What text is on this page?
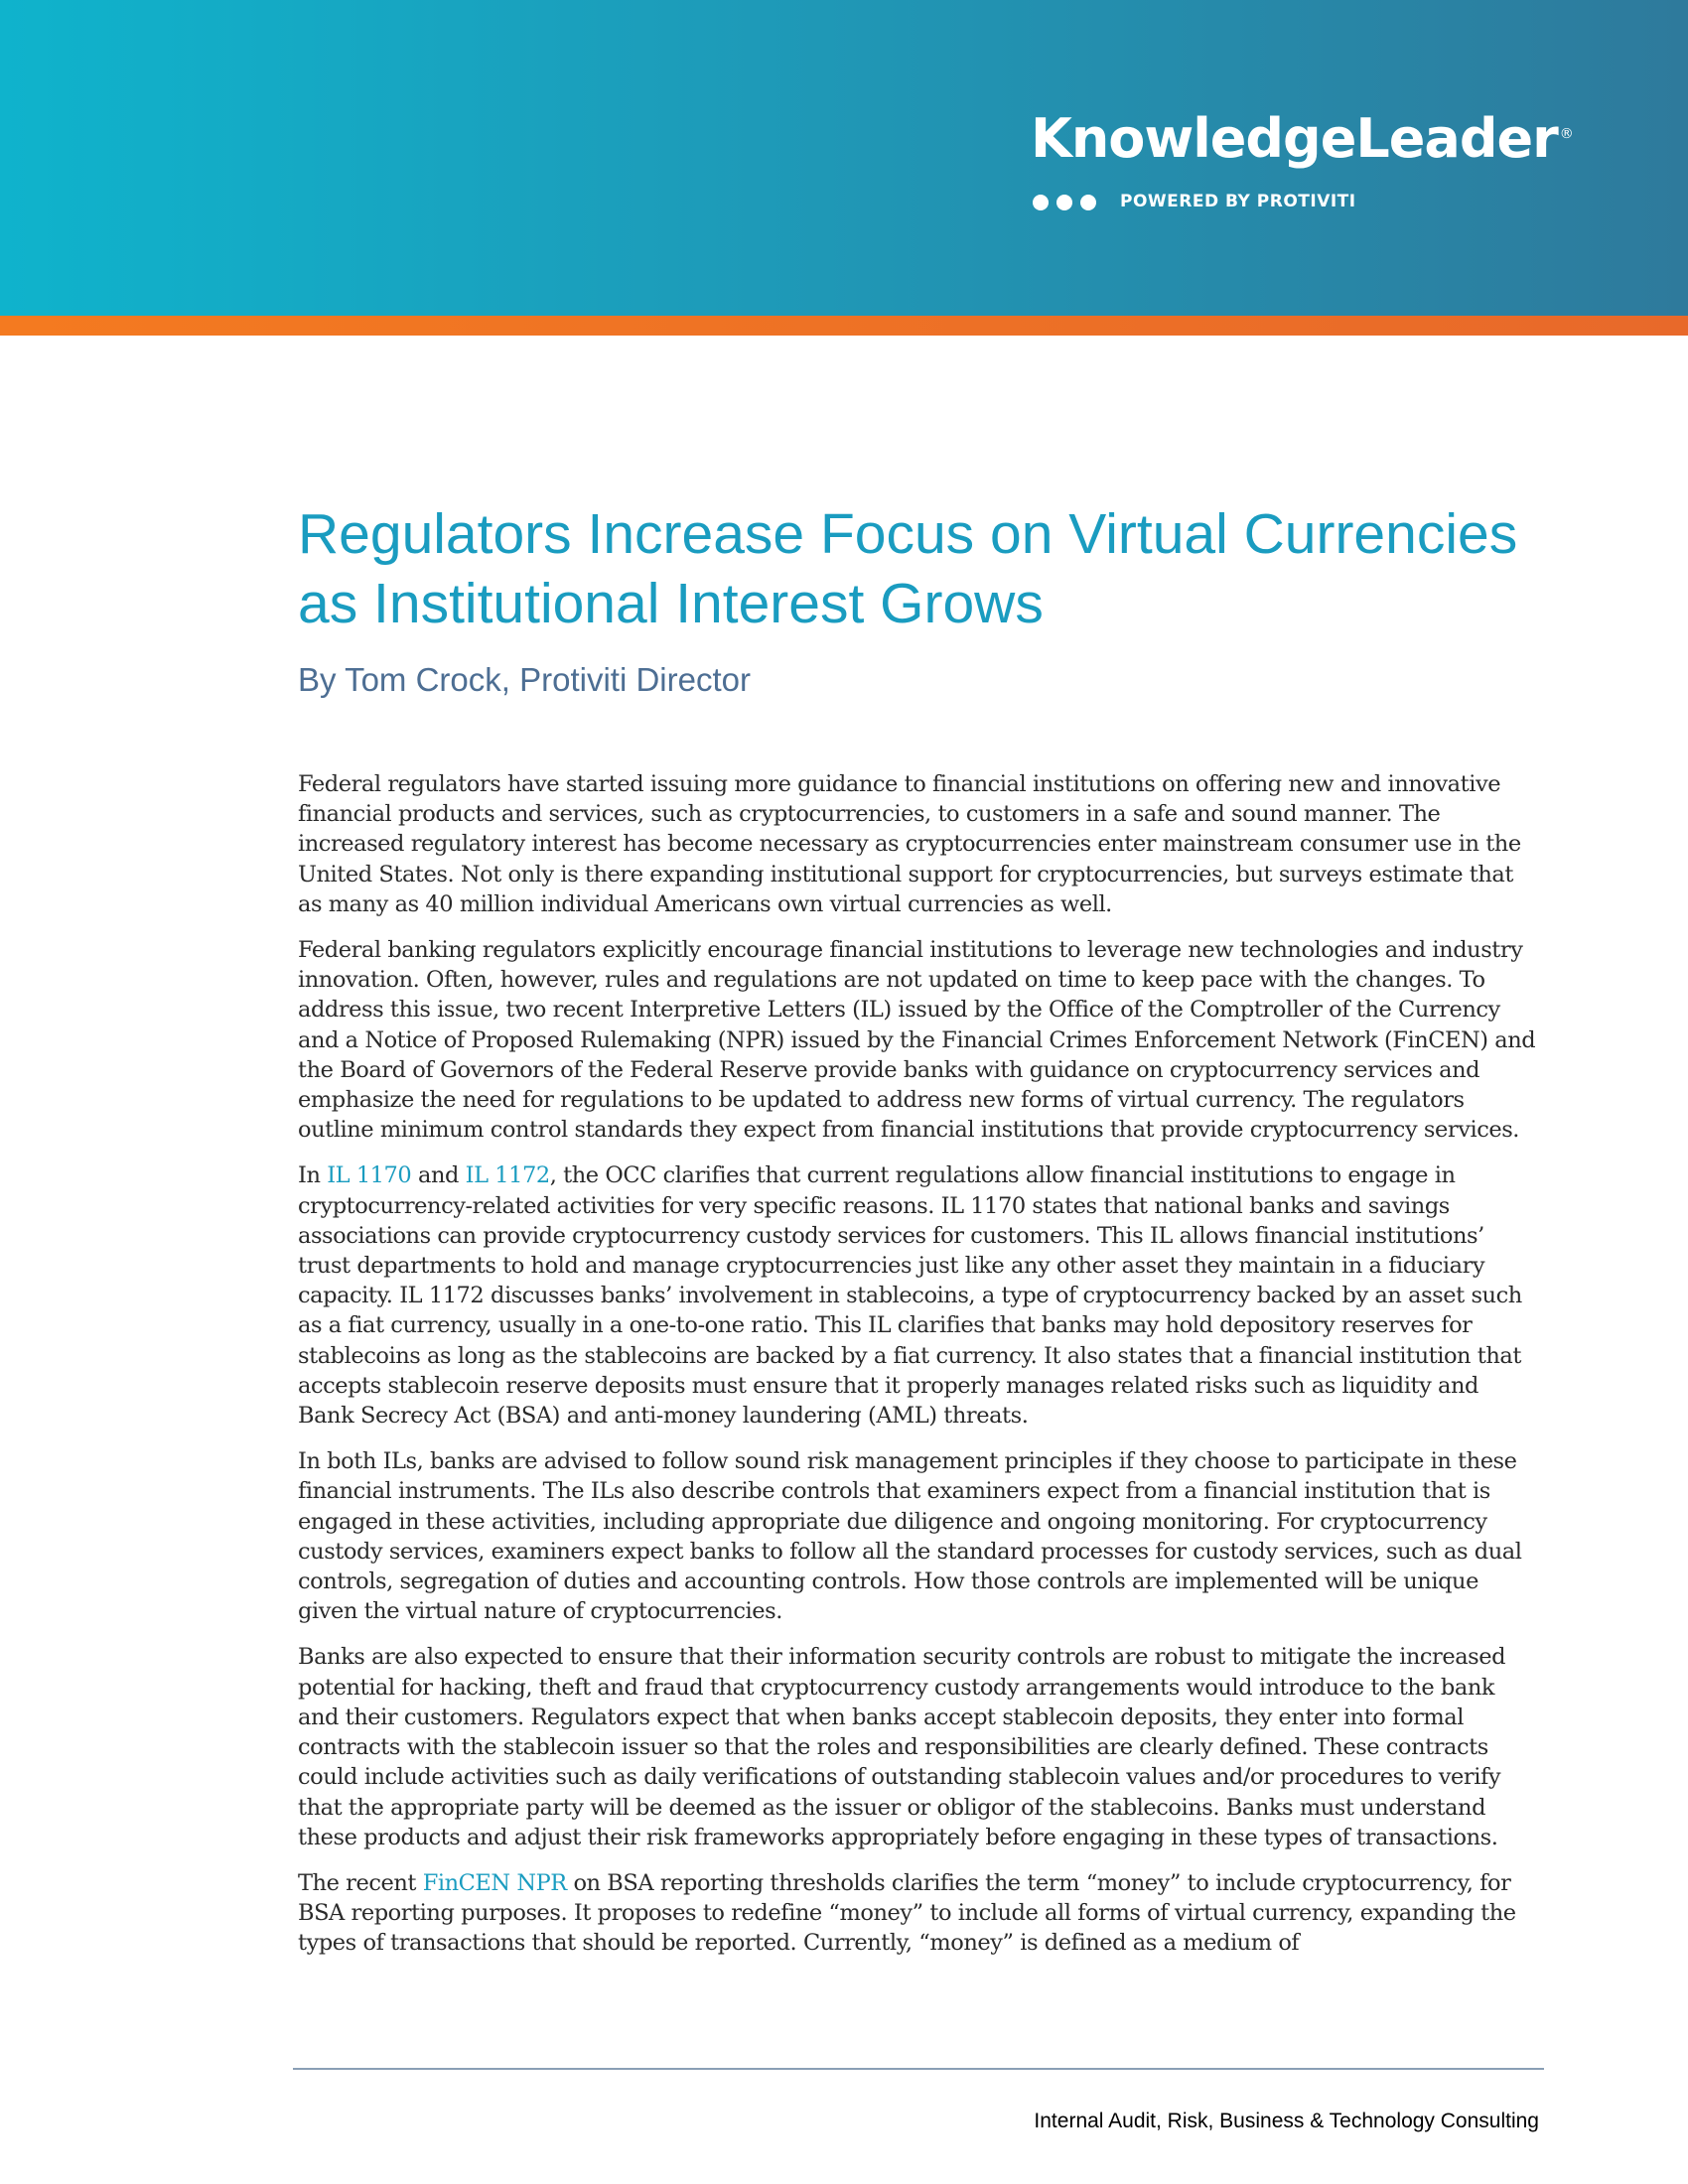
KnowledgeLeader ®
POWERED BY PROTIVITI
Regulators Increase Focus on Virtual Currencies as Institutional Interest Grows
By Tom Crock, Protiviti Director

Federal regulators have started issuing more guidance to financial institutions on offering new and innovative financial products and services, such as cryptocurrencies, to customers in a safe and sound manner. The increased regulatory interest has become necessary as cryptocurrencies enter mainstream consumer use in the United States. Not only is there expanding institutional support for cryptocurrencies, but surveys estimate that as many as 40 million individual Americans own virtual currencies as well.

Federal banking regulators explicitly encourage financial institutions to leverage new technologies and industry innovation. Often, however, rules and regulations are not updated on time to keep pace with the changes. To address this issue, two recent Interpretive Letters (IL) issued by the Office of the Comptroller of the Currency and a Notice of Proposed Rulemaking (NPR) issued by the Financial Crimes Enforcement Network (FinCEN) and the Board of Governors of the Federal Reserve provide banks with guidance on cryptocurrency services and emphasize the need for regulations to be updated to address new forms of virtual currency. The regulators outline minimum control standards they expect from financial institutions that provide cryptocurrency services.

In IL 1170 and IL 1172, the OCC clarifies that current regulations allow financial institutions to engage in cryptocurrency-related activities for very specific reasons. IL 1170 states that national banks and savings associations can provide cryptocurrency custody services for customers. This IL allows financial institutions’ trust departments to hold and manage cryptocurrencies just like any other asset they maintain in a fiduciary capacity. IL 1172 discusses banks’ involvement in stablecoins, a type of cryptocurrency backed by an asset such as a fiat currency, usually in a one-to-one ratio. This IL clarifies that banks may hold depository reserves for stablecoins as long as the stablecoins are backed by a fiat currency. It also states that a financial institution that accepts stablecoin reserve deposits must ensure that it properly manages related risks such as liquidity and Bank Secrecy Act (BSA) and anti-money laundering (AML) threats.

In both ILs, banks are advised to follow sound risk management principles if they choose to participate in these financial instruments. The ILs also describe controls that examiners expect from a financial institution that is engaged in these activities, including appropriate due diligence and ongoing monitoring. For cryptocurrency custody services, examiners expect banks to follow all the standard processes for custody services, such as dual controls, segregation of duties and accounting controls. How those controls are implemented will be unique given the virtual nature of cryptocurrencies.

Banks are also expected to ensure that their information security controls are robust to mitigate the increased potential for hacking, theft and fraud that cryptocurrency custody arrangements would introduce to the bank and their customers. Regulators expect that when banks accept stablecoin deposits, they enter into formal contracts with the stablecoin issuer so that the roles and responsibilities are clearly defined. These contracts could include activities such as daily verifications of outstanding stablecoin values and/or procedures to verify that the appropriate party will be deemed as the issuer or obligor of the stablecoins. Banks must understand these products and adjust their risk frameworks appropriately before engaging in these types of transactions.

The recent FinCEN NPR on BSA reporting thresholds clarifies the term “money” to include cryptocurrency, for BSA reporting purposes. It proposes to redefine “money” to include all forms of virtual currency, expanding the types of transactions that should be reported. Currently, “money” is defined as a medium of

Internal Audit, Risk, Business & Technology Consulting
